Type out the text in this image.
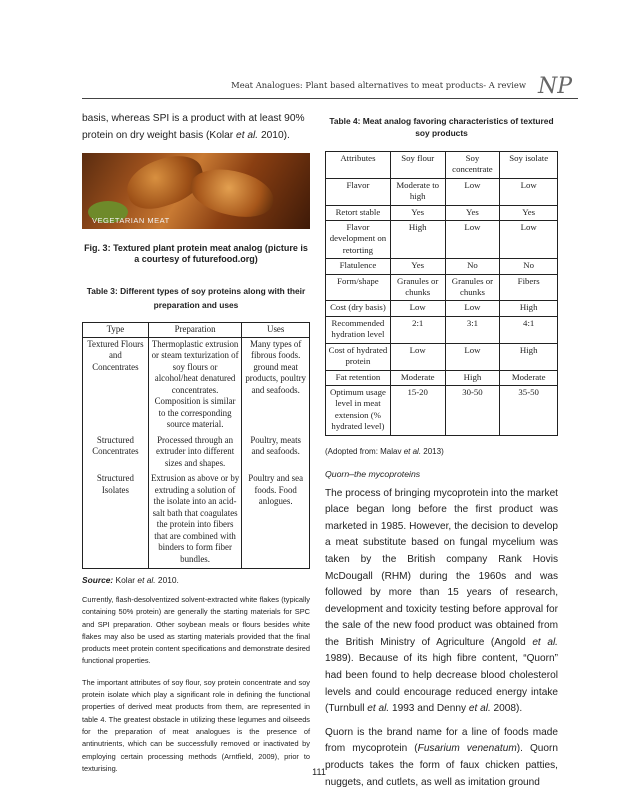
Meat Analogues: Plant based alternatives to meat products- A review NP

basis, whereas SPI is a product with at least 90% protein on dry weight basis (Kolar et al. 2010).

VEGETARIAN MEAT

Fig. 3: Textured plant protein meat analog (picture is a courtesy of futurefood.org)

Table 3: Different types of soy proteins along with their preparation and uses

Type	Preparation	Uses
Textured Flours and Concentrates	Thermoplastic extrusion or steam texturization of soy flours or alcohol/heat denatured concentrates. Composition is similar to the corresponding source material.	Many types of fibrous foods. ground meat products, poultry and seafoods.
Structured Concentrates	Processed through an extruder into different sizes and shapes.	Poultry, meats and seafoods.
Structured Isolates	Extrusion as above or by extruding a solution of the isolate into an acid-salt bath that coagulates the protein into fibers that are combined with binders to form fiber bundles.	Poultry and sea foods. Food anlogues.

Source: Kolar et al. 2010.

Currently, flash-desolventized solvent-extracted white flakes (typically containing 50% protein) are generally the starting materials for SPC and SPI preparation. Other soybean meals or flours besides white flakes may also be used as starting materials provided that the final products meet protein content specifications and demonstrate desired functional properties.

The important attributes of soy flour, soy protein concentrate and soy protein isolate which play a significant role in defining the functional properties of derived meat products from them, are represented in table 4. The greatest obstacle in utilizing these legumes and oilseeds for the preparation of meat analogues is the presence of antinutrients, which can be successfully removed or inactivated by employing certain processing methods (Arntfield, 2009), prior to texturising.

Table 4: Meat analog favoring characteristics of textured soy products

Attributes	Soy flour	Soy concentrate	Soy isolate
Flavor	Moderate to high	Low	Low
Retort stable	Yes	Yes	Yes
Flavor development on retorting	High	Low	Low
Flatulence	Yes	No	No
Form/shape	Granules or chunks	Granules or chunks	Fibers
Cost (dry basis)	Low	Low	High
Recommended hydration level	2:1	3:1	4:1
Cost of hydrated protein	Low	Low	High
Fat retention	Moderate	High	Moderate
Optimum usage level in meat extension (% hydrated level)	15-20	30-50	35-50

(Adopted from: Malav et al. 2013)

Quorn–the mycoproteins

The process of bringing mycoprotein into the market place began long before the first product was marketed in 1985. However, the decision to develop a meat substitute based on fungal mycelium was taken by the British company Rank Hovis McDougall (RHM) during the 1960s and was followed by more than 15 years of research, development and toxicity testing before approval for the sale of the new food product was obtained from the British Ministry of Agriculture (Angold et al. 1989). Because of its high fibre content, “Quorn” had been found to help decrease blood cholesterol levels and could encourage reduced energy intake (Turnbull et al. 1993 and Denny et al. 2008).

Quorn is the brand name for a line of foods made from mycoprotein (Fusarium venenatum). Quorn products takes the form of faux chicken patties, nuggets, and cutlets, as well as imitation ground

111
